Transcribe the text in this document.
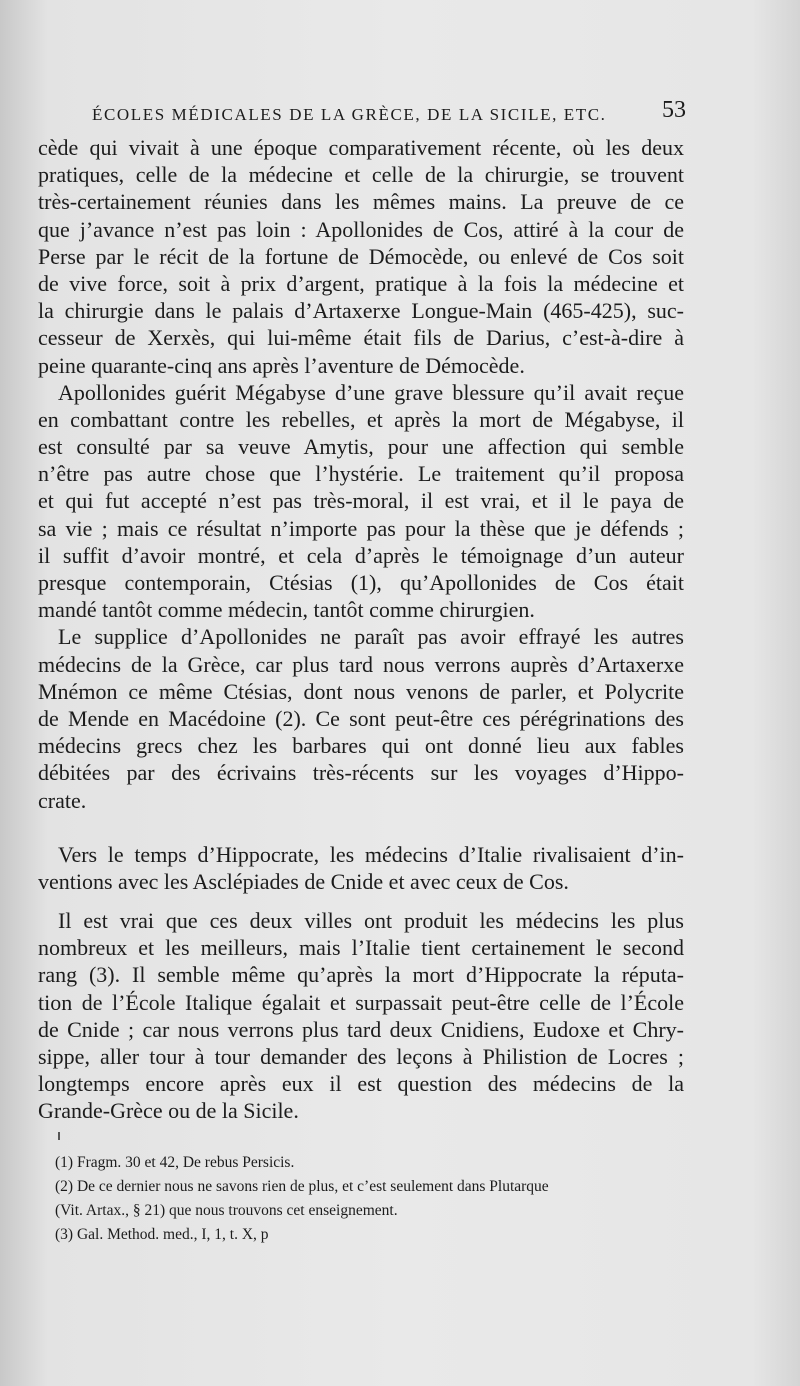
ÉCOLES MÉDICALES DE LA GRÈCE, DE LA SICILE, ETC. 53
cède qui vivait à une époque comparativement récente, où les deux
pratiques, celle de la médecine et celle de la chirurgie, se trouvent
très-certainement réunies dans les mêmes mains. La preuve de ce
que j’avance n’est pas loin : Apollonides de Cos, attiré à la cour de
Perse par le récit de la fortune de Démocède, ou enlevé de Cos soit
de vive force, soit à prix d’argent, pratique à la fois la médecine et
la chirurgie dans le palais d’Artaxerxe Longue-Main (465-425), suc-
cesseur de Xerxès, qui lui-même était fils de Darius, c’est-à-dire à
peine quarante-cinq ans après l’aventure de Démocède.
Apollonides guérit Mégabyse d’une grave blessure qu’il avait reçue
en combattant contre les rebelles, et après la mort de Mégabyse, il
est consulté par sa veuve Amytis, pour une affection qui semble
n’être pas autre chose que l’hystérie. Le traitement qu’il proposa
et qui fut accepté n’est pas très-moral, il est vrai, et il le paya de
sa vie ; mais ce résultat n’importe pas pour la thèse que je défends ;
il suffit d’avoir montré, et cela d’après le témoignage d’un auteur
presque contemporain, Ctésias (1), qu’Apollonides de Cos était
mandé tantôt comme médecin, tantôt comme chirurgien.
Le supplice d’Apollonides ne paraît pas avoir effrayé les autres
médecins de la Grèce, car plus tard nous verrons auprès d’Artaxerxe
Mnémon ce même Ctésias, dont nous venons de parler, et Polycrite
de Mende en Macédoine (2). Ce sont peut-être ces pérégrinations des
médecins grecs chez les barbares qui ont donné lieu aux fables
débitées par des écrivains très-récents sur les voyages d’Hippo-
crate.
Vers le temps d’Hippocrate, les médecins d’Italie rivalisaient d’in-
ventions avec les Asclépiades de Cnide et avec ceux de Cos.
Il est vrai que ces deux villes ont produit les médecins les plus
nombreux et les meilleurs, mais l’Italie tient certainement le second
rang (3). Il semble même qu’après la mort d’Hippocrate la réputa-
tion de l’École Italique égalait et surpassait peut-être celle de l’École
de Cnide ; car nous verrons plus tard deux Cnidiens, Eudoxe et Chry-
sippe, aller tour à tour demander des leçons à Philistion de Locres ;
longtemps encore après eux il est question des médecins de la
Grande-Grèce ou de la Sicile.
(1) Fragm. 30 et 42, De rebus Persicis.
(2) De ce dernier nous ne savons rien de plus, et c’est seulement dans Plutarque
(Vit. Artax., § 21) que nous trouvons cet enseignement.
(3) Gal. Method. med., I, 1, t. X, p
